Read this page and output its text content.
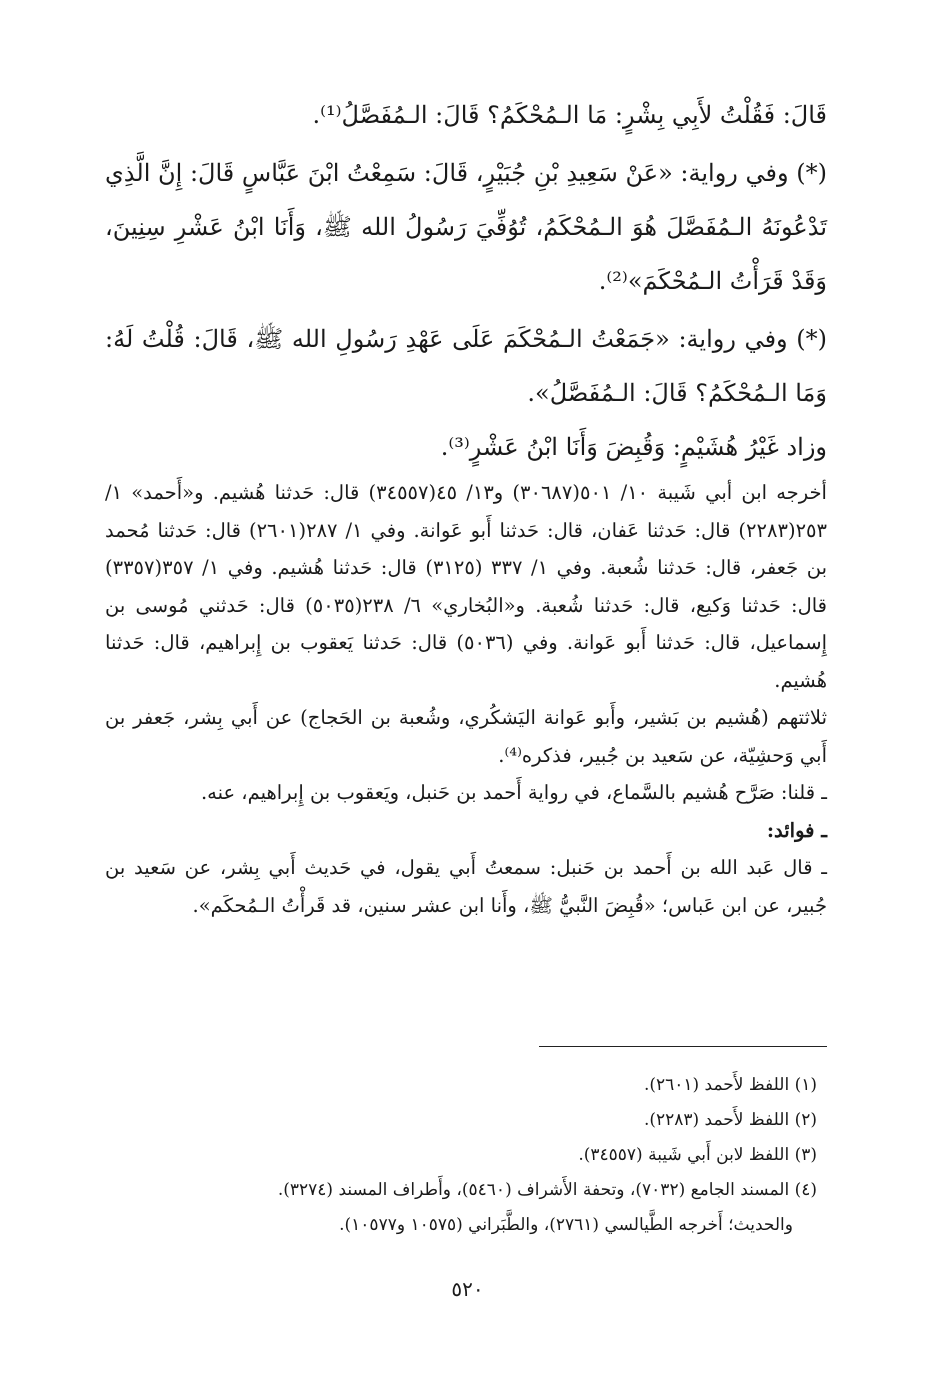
قَالَ: فَقُلْتُ لأَبِي بِشْرٍ: مَا الـمُحْكَمُ؟ قَالَ: الـمُفَصَّلُ⁽¹⁾.

(*) وفي رواية: «عَنْ سَعِيدِ بْنِ جُبَيْرٍ، قَالَ: سَمِعْتُ ابْنَ عَبَّاسٍ قَالَ: إِنَّ الَّذِي تَدْعُونَهُ الـمُفَصَّلَ هُوَ الـمُحْكَمُ، تُوُفِّيَ رَسُولُ الله ﷺ، وَأَنَا ابْنُ عَشْرِ سِنِينَ، وَقَدْ قَرَأْتُ الـمُحْكَمَ»⁽²⁾.

(*) وفي رواية: «جَمَعْتُ الـمُحْكَمَ عَلَى عَهْدِ رَسُولِ الله ﷺ، قَالَ: قُلْتُ لَهُ: وَمَا الـمُحْكَمُ؟ قَالَ: الـمُفَصَّلُ».

وزاد غَيْرُ هُشَيْمٍ: وَقُبِضَ وَأَنَا ابْنُ عَشْرٍ⁽³⁾.

أخرجه ابن أبي شَيبة ١٠/ ٥٠١(٣٠٦٨٧) و١٣/ ٤٥(٣٤٥٥٧) قال: حَدثنا هُشيم. و«أَحمد» ١/ ٢٥٣(٢٢٨٣) قال: حَدثنا عَفان، قال: حَدثنا أَبو عَوانة. وفي ١/ ٢٨٧(٢٦٠١) قال: حَدثنا مُحمد بن جَعفر، قال: حَدثنا شُعبة. وفي ١/ ٣٣٧ (٣١٢٥) قال: حَدثنا هُشيم. وفي ١/ ٣٥٧(٣٣٥٧) قال: حَدثنا وَكيع، قال: حَدثنا شُعبة. و«البُخاري» ٦/ ٢٣٨(٥٠٣٥) قال: حَدثني مُوسى بن إِسماعيل، قال: حَدثنا أَبو عَوانة. وفي (٥٠٣٦) قال: حَدثنا يَعقوب بن إِبراهيم، قال: حَدثنا هُشيم.

ثلاثتهم (هُشيم بن بَشير، وأَبو عَوانة اليَشكُري، وشُعبة بن الحَجاج) عن أَبي بِشر، جَعفر بن أَبي وَحشِيّة، عن سَعيد بن جُبير، فذكره⁽⁴⁾.

ـ قلنا: صَرَّح هُشيم بالسَّماع، في رواية أَحمد بن حَنبل، ويَعقوب بن إِبراهيم، عنه.

ـ فوائد:

ـ قال عَبد الله بن أَحمد بن حَنبل: سمعتُ أَبي يقول، في حَديث أَبي بِشر، عن سَعيد بن جُبير، عن ابن عَباس؛ «قُبِضَ النَّبيُّ ﷺ، وأَنا ابن عشر سنين، قد قَرأْتُ الـمُحكَم».

(١) اللفظ لأَحمد (٢٦٠١).

(٢) اللفظ لأَحمد (٢٢٨٣).

(٣) اللفظ لابن أَبي شَيبة (٣٤٥٥٧).

(٤) المسند الجامع (٧٠٣٢)، وتحفة الأَشراف (٥٤٦٠)، وأَطراف المسند (٣٢٧٤).

والحديث؛ أَخرجه الطَّيالسي (٢٧٦١)، والطَّبَراني (١٠٥٧٥ و١٠٥٧٧).

٥٢٠
